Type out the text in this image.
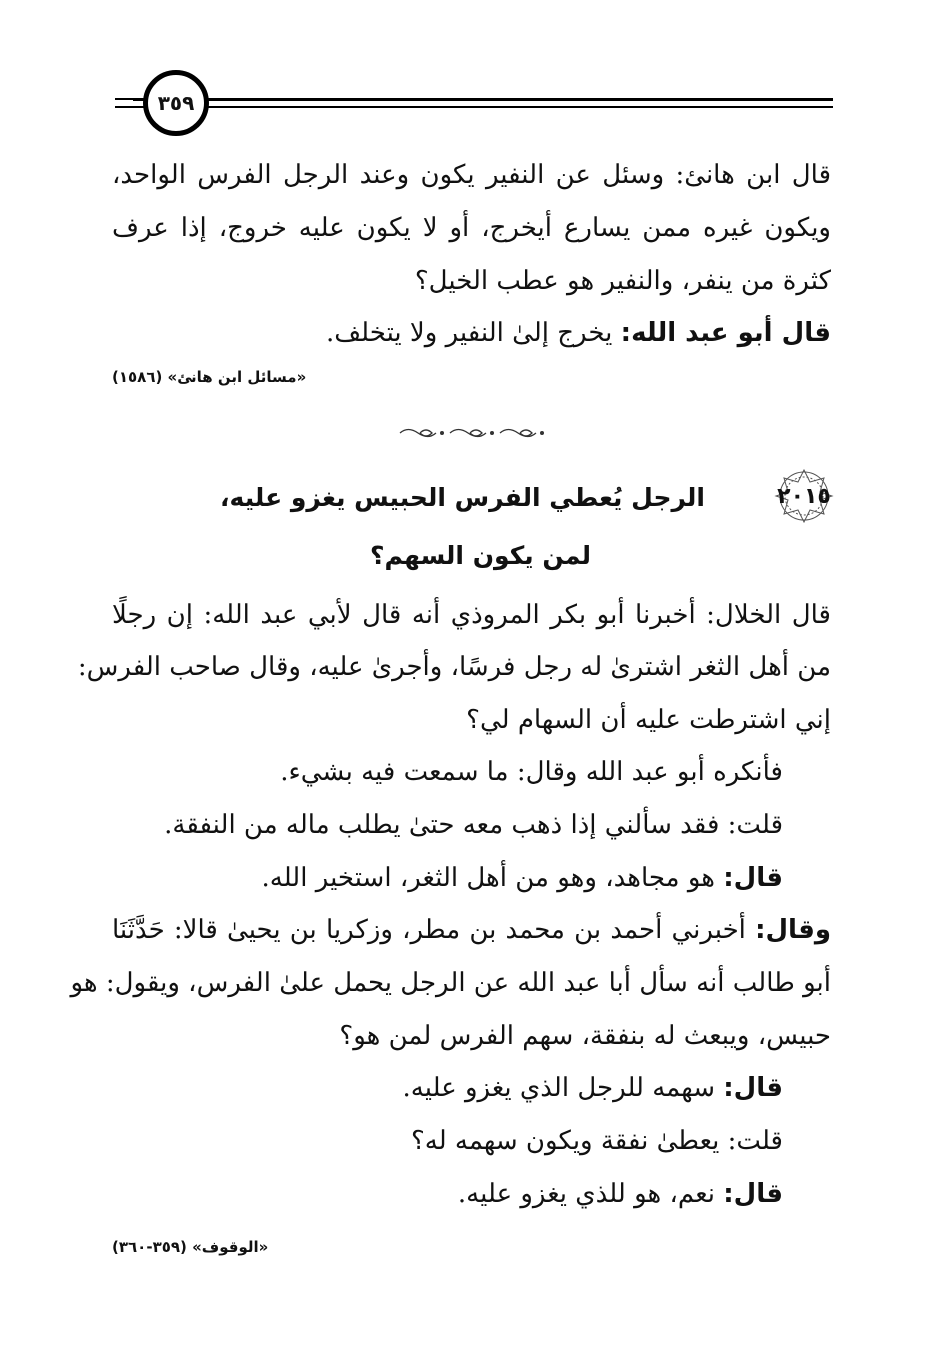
٣٥٩
قال ابن هانئ: وسئل عن النفير يكون وعند الرجل الفرس الواحد،
ويكون غيره ممن يسارع أيخرج، أو لا يكون عليه خروج، إذا عرف
كثرة من ينفر، والنفير هو عطب الخيل؟
قال أبو عبد الله: يخرج إلىٰ النفير ولا يتخلف.
«مسائل ابن هانئ» (١٥٨٦)
٢٠١٥
الرجل يُعطي الفرس الحبيس يغزو عليه،
لمن يكون السهم؟
قال الخلال: أخبرنا أبو بكر المروذي أنه قال لأبي عبد الله: إن رجلًا
من أهل الثغر اشترىٰ له رجل فرسًا، وأجرىٰ عليه، وقال صاحب الفرس:
إني اشترطت عليه أن السهام لي؟
فأنكره أبو عبد الله وقال: ما سمعت فيه بشيء.
قلت: فقد سألني إذا ذهب معه حتىٰ يطلب ماله من النفقة.
قال: هو مجاهد، وهو من أهل الثغر، استخير الله.
وقال: أخبرني أحمد بن محمد بن مطر، وزكريا بن يحيىٰ قالا: حَدَّثَنَا
أبو طالب أنه سأل أبا عبد الله عن الرجل يحمل علىٰ الفرس، ويقول: هو
حبيس، ويبعث له بنفقة، سهم الفرس لمن هو؟
قال: سهمه للرجل الذي يغزو عليه.
قلت: يعطىٰ نفقة ويكون سهمه له؟
قال: نعم، هو للذي يغزو عليه.
«الوقوف» (٣٥٩-٣٦٠)
